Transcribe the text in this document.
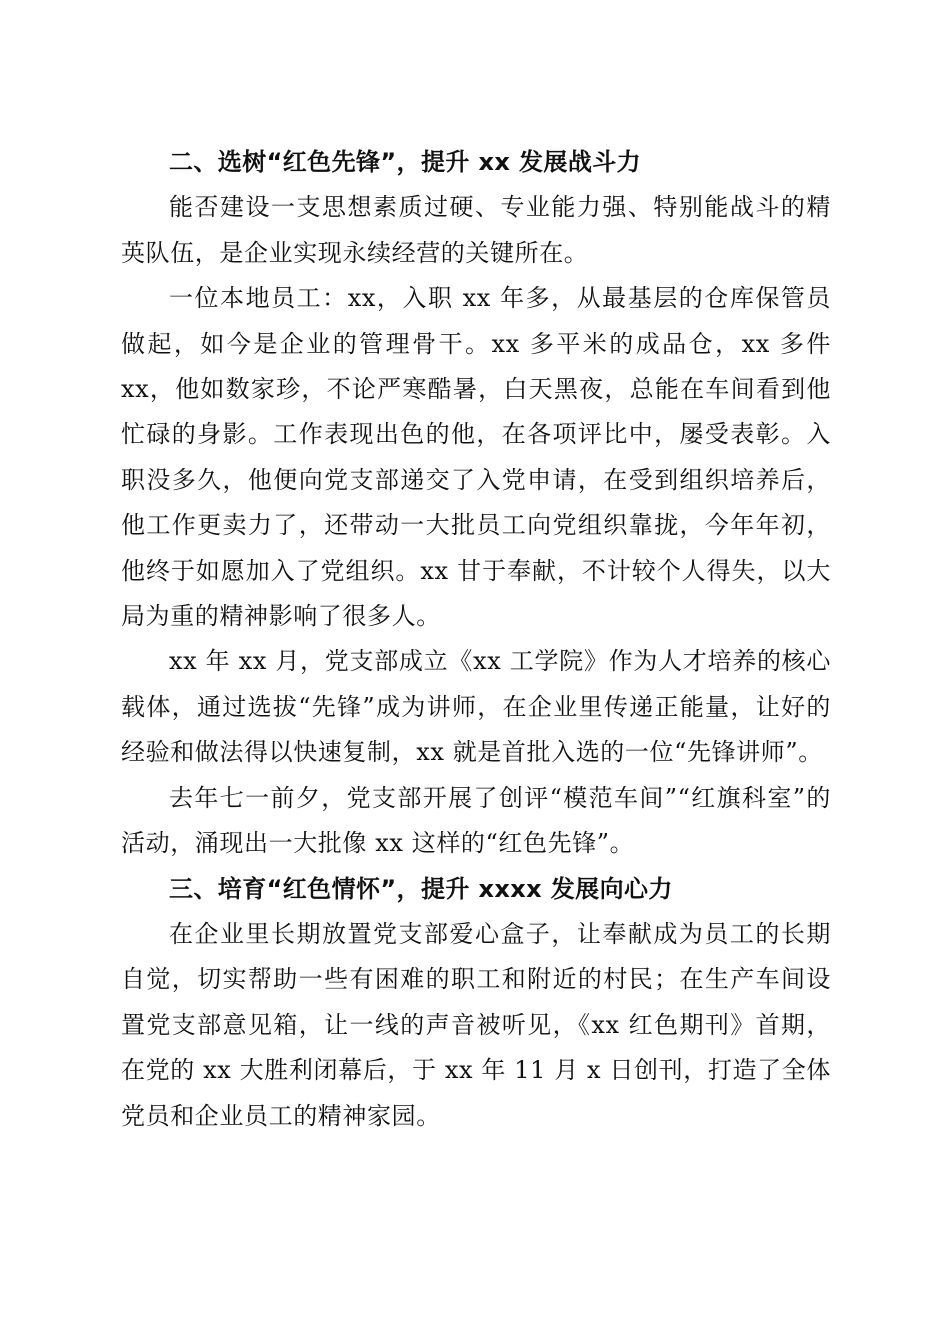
二、选树“红色先锋”，提升 xx 发展战斗力

能否建设一支思想素质过硬、专业能力强、特别能战斗的精英队伍，是企业实现永续经营的关键所在。

一位本地员工：xx，入职 xx 年多，从最基层的仓库保管员做起，如今是企业的管理骨干。xx 多平米的成品仓，xx 多件 xx，他如数家珍，不论严寒酷暑，白天黑夜，总能在车间看到他忙碌的身影。工作表现出色的他，在各项评比中，屡受表彰。入职没多久，他便向党支部递交了入党申请，在受到组织培养后，他工作更卖力了，还带动一大批员工向党组织靠拢，今年年初，他终于如愿加入了党组织。xx 甘于奉献，不计较个人得失，以大局为重的精神影响了很多人。

xx 年 xx 月，党支部成立《xx 工学院》作为人才培养的核心载体，通过选拔“先锋”成为讲师，在企业里传递正能量，让好的经验和做法得以快速复制，xx 就是首批入选的一位“先锋讲师”。

去年七一前夕，党支部开展了创评“模范车间”“红旗科室”的活动，涌现出一大批像 xx 这样的“红色先锋”。

三、培育“红色情怀”，提升 xxxx 发展向心力

在企业里长期放置党支部爱心盒子，让奉献成为员工的长期自觉，切实帮助一些有困难的职工和附近的村民；在生产车间设置党支部意见箱，让一线的声音被听见，《xx 红色期刊》首期，在党的 xx 大胜利闭幕后，于 xx 年 11 月 x 日创刊，打造了全体党员和企业员工的精神家园。
